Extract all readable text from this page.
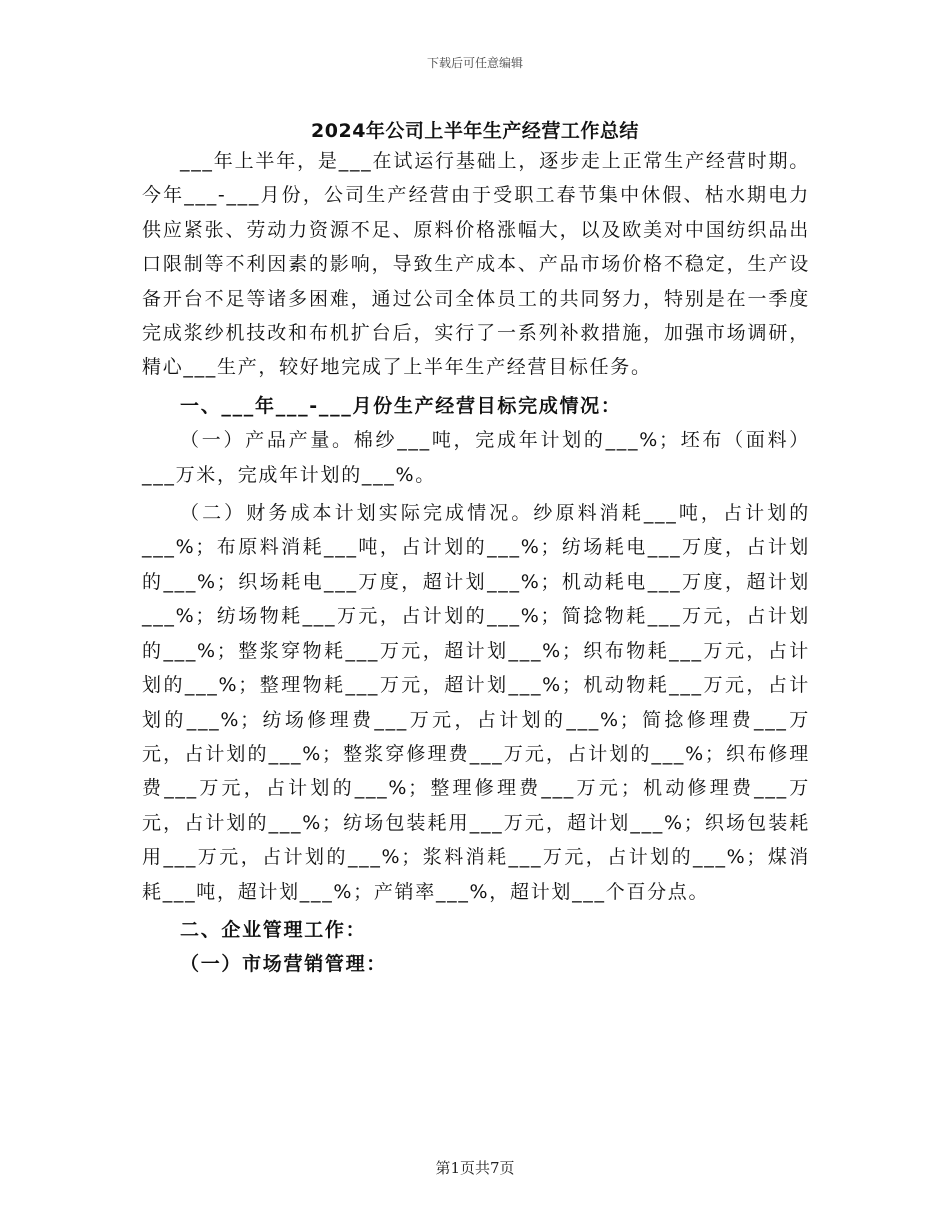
下载后可任意编辑
2024年公司上半年生产经营工作总结

___年上半年，是___在试运行基础上，逐步走上正常生产经营时期。今年___-___月份，公司生产经营由于受职工春节集中休假、枯水期电力供应紧张、劳动力资源不足、原料价格涨幅大，以及欧美对中国纺织品出口限制等不利因素的影响，导致生产成本、产品市场价格不稳定，生产设备开台不足等诸多困难，通过公司全体员工的共同努力，特别是在一季度完成浆纱机技改和布机扩台后，实行了一系列补救措施，加强市场调研，精心___生产，较好地完成了上半年生产经营目标任务。

一、___年___-___月份生产经营目标完成情况：

（一）产品产量。棉纱___吨，完成年计划的___%；坯布（面料）___万米，完成年计划的___%。

（二）财务成本计划实际完成情况。纱原料消耗___吨，占计划的___%；布原料消耗___吨，占计划的___%；纺场耗电___万度，占计划的___%；织场耗电___万度，超计划___%；机动耗电___万度，超计划___%；纺场物耗___万元，占计划的___%；简捻物耗___万元，占计划的___%；整浆穿物耗___万元，超计划___%；织布物耗___万元，占计划的___%；整理物耗___万元，超计划___%；机动物耗___万元，占计划的___%；纺场修理费___万元，占计划的___%；简捻修理费___万元，占计划的___%；整浆穿修理费___万元，占计划的___%；织布修理费___万元，占计划的___%；整理修理费___万元；机动修理费___万元，占计划的___%；纺场包装耗用___万元，超计划___%；织场包装耗用___万元，占计划的___%；浆料消耗___万元，占计划的___%；煤消耗___吨，超计划___%；产销率___%，超计划___个百分点。

二、企业管理工作：

（一）市场营销管理：

第1页共7页
